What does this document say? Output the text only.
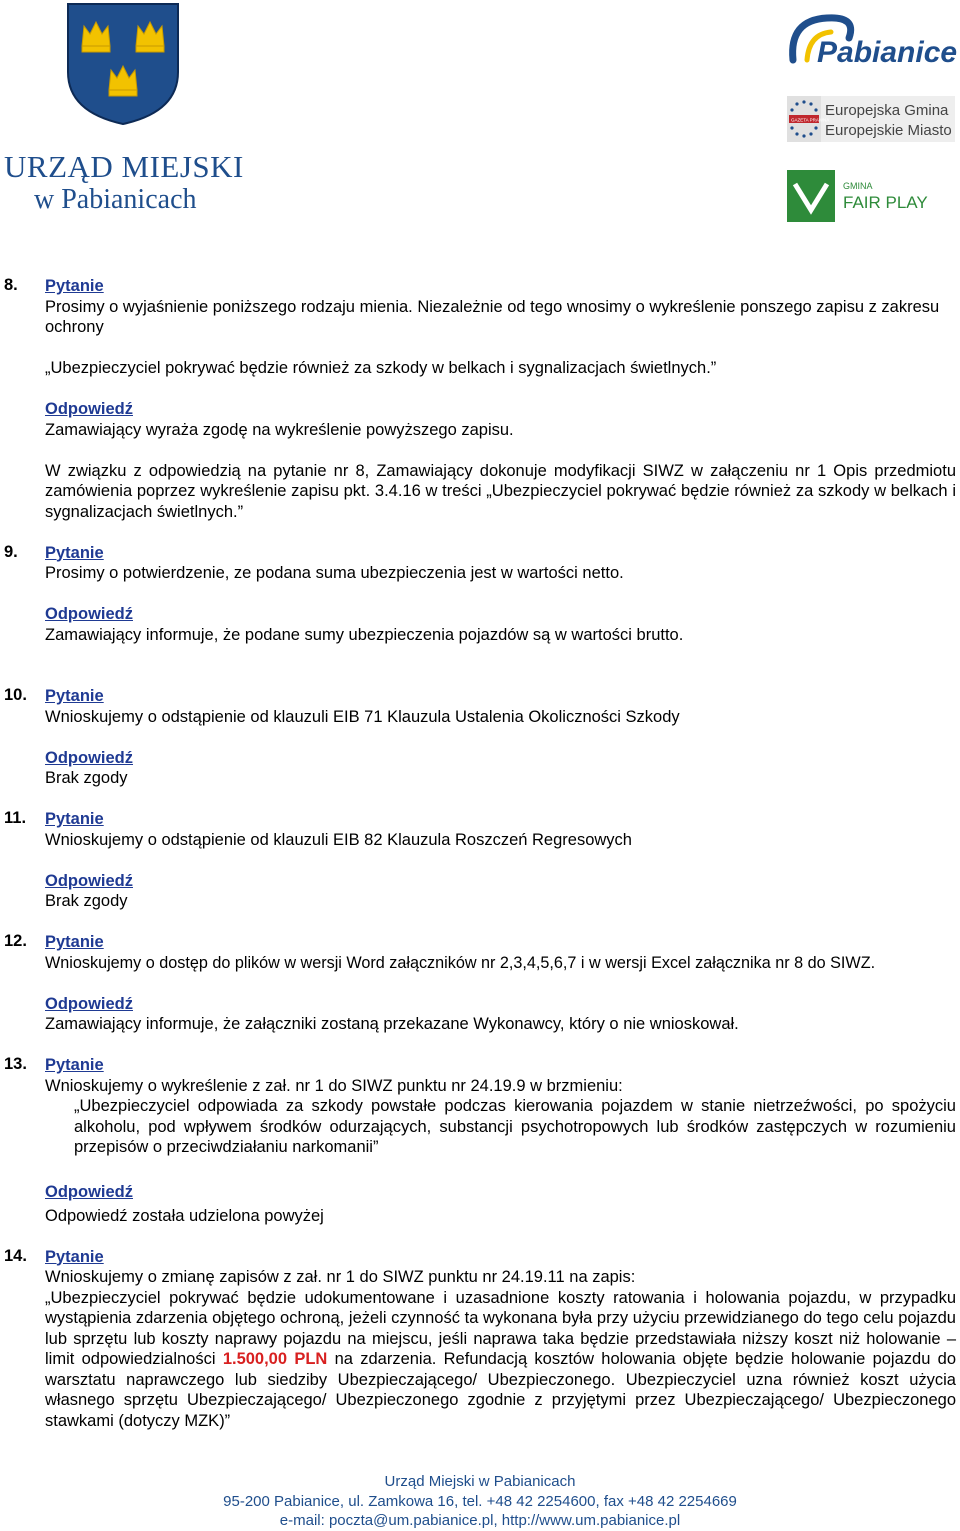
URZĄD MIEJSKI
w Pabianicach
Pabianice
GAZETA PRAWNA
Europejska Gmina
Europejskie Miasto
GMINA
FAIR PLAY
8. Pytanie

Prosimy o wyjaśnienie poniższego rodzaju mienia. Niezależnie od tego wnosimy o wykreślenie ponszego zapisu z zakresu ochrony

„Ubezpieczyciel pokrywać będzie również za szkody w belkach i sygnalizacjach świetlnych.”

Odpowiedź

Zamawiający wyraża zgodę na wykreślenie powyższego zapisu.

W związku z odpowiedzią na pytanie nr 8, Zamawiający dokonuje modyfikacji SIWZ w załączeniu nr 1 Opis przedmiotu zamówienia poprzez wykreślenie zapisu pkt. 3.4.16 w treści „Ubezpieczyciel pokrywać będzie również za szkody w belkach i sygnalizacjach świetlnych.”

9. Pytanie

Prosimy o potwierdzenie, ze podana suma ubezpieczenia jest w wartości netto.

Odpowiedź

Zamawiający informuje, że podane sumy ubezpieczenia pojazdów są w wartości brutto.

10. Pytanie

Wnioskujemy o odstąpienie od klauzuli EIB 71 Klauzula Ustalenia Okoliczności Szkody

Odpowiedź

Brak zgody

11. Pytanie

Wnioskujemy o odstąpienie od klauzuli EIB 82 Klauzula Roszczeń Regresowych

Odpowiedź

Brak zgody

12. Pytanie

Wnioskujemy o dostęp do plików w wersji Word załączników nr 2,3,4,5,6,7 i w wersji Excel załącznika nr 8 do SIWZ.

Odpowiedź

Zamawiający informuje, że załączniki zostaną przekazane Wykonawcy, który o nie wnioskował.

13. Pytanie

Wnioskujemy o wykreślenie z zał. nr 1 do SIWZ punktu nr 24.19.9 w brzmieniu:

„Ubezpieczyciel odpowiada za szkody powstałe podczas kierowania pojazdem w stanie nietrzeźwości, po spożyciu alkoholu, pod wpływem środków odurzających, substancji psychotropowych lub środków zastępczych w rozumieniu przepisów o przeciwdziałaniu narkomanii”

Odpowiedź

Odpowiedź została udzielona powyżej

14. Pytanie

Wnioskujemy o zmianę zapisów z zał. nr 1 do SIWZ punktu nr 24.19.11 na zapis:

„Ubezpieczyciel pokrywać będzie udokumentowane i uzasadnione koszty ratowania i holowania pojazdu, w przypadku wystąpienia zdarzenia objętego ochroną, jeżeli czynność ta wykonana była przy użyciu przewidzianego do tego celu pojazdu lub sprzętu lub koszty naprawy pojazdu na miejscu, jeśli naprawa taka będzie przedstawiała niższy koszt niż holowanie – limit odpowiedzialności 1.500,00 PLN na zdarzenia. Refundacją kosztów holowania objęte będzie holowanie pojazdu do warsztatu naprawczego lub siedziby Ubezpieczającego/ Ubezpieczonego. Ubezpieczyciel uzna również koszt użycia własnego sprzętu Ubezpieczającego/ Ubezpieczonego zgodnie z przyjętymi przez Ubezpieczającego/ Ubezpieczonego stawkami (dotyczy MZK)”

Urząd Miejski w Pabianicach
95-200 Pabianice, ul. Zamkowa 16, tel. +48 42 2254600, fax +48 42 2254669
e-mail: poczta@um.pabianice.pl, http://www.um.pabianice.pl
